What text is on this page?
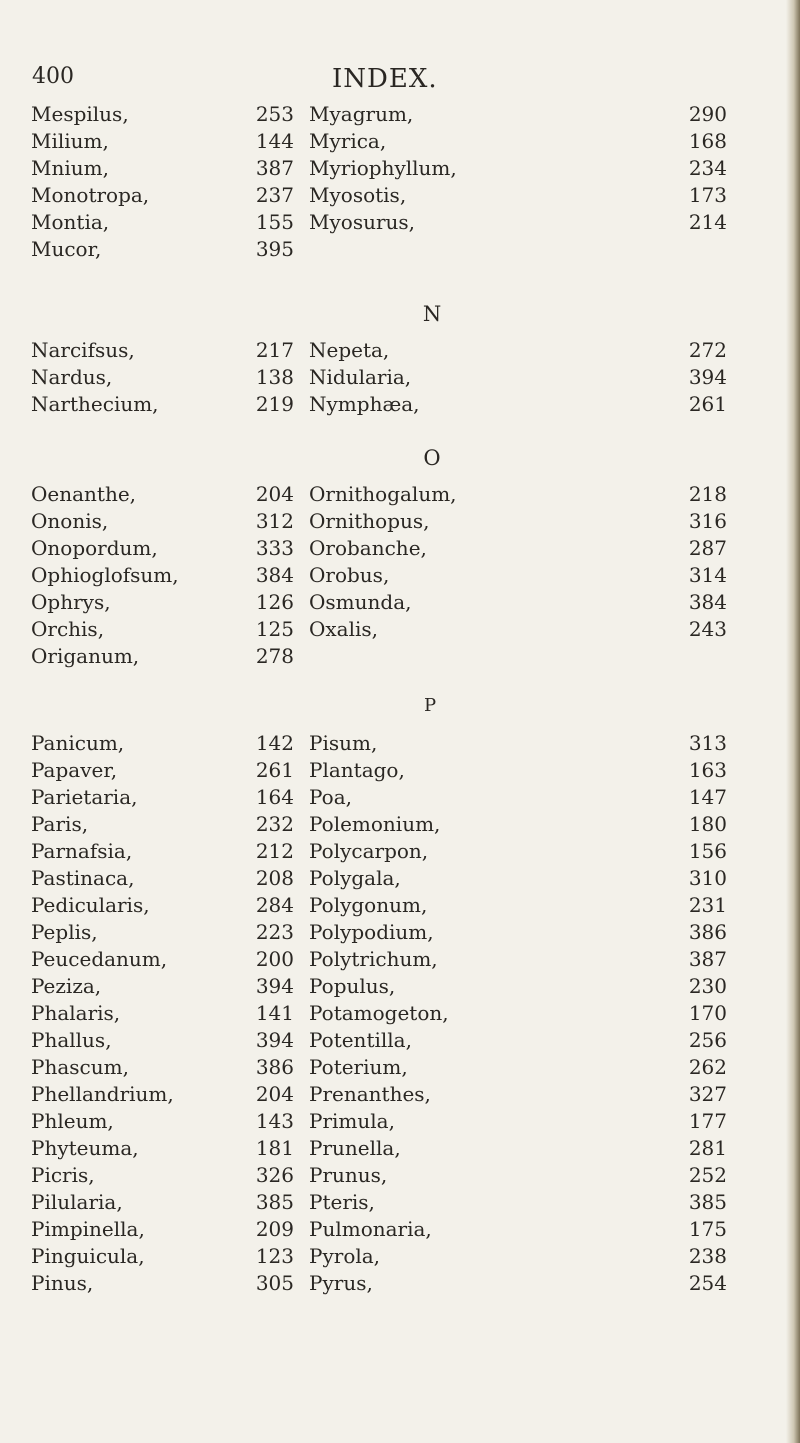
400	INDEX.
Mespilus,	253 Myagrum,	290
Milium,	144 Myrica,	168
Mnium,	387 Myriophyllum,	234
Monotropa,	237 Myosotis,	173
Montia,	155 Myosurus,	214
Mucor,	395
N
Narcifsus,	217 Nepeta,	272
Nardus,	138 Nidularia,	394
Narthecium,	219 Nymphæa,	261
O
Oenanthe,	204 Ornithogalum,	218
Ononis,	312 Ornithopus,	316
Onopordum,	333 Orobanche,	287
Ophioglofsum,	384 Orobus,	314
Ophrys,	126 Osmunda,	384
Orchis,	125 Oxalis,	243
Origanum,	278
P
Panicum,	142 Pisum,	313
Papaver,	261 Plantago,	163
Parietaria,	164 Poa,	147
Paris,	232 Polemonium,	180
Parnafsia,	212 Polycarpon,	156
Pastinaca,	208 Polygala,	310
Pedicularis,	284 Polygonum,	231
Peplis,	223 Polypodium,	386
Peucedanum,	200 Polytrichum,	387
Peziza,	394 Populus,	230
Phalaris,	141 Potamogeton,	170
Phallus,	394 Potentilla,	256
Phascum,	386 Poterium,	262
Phellandrium,	204 Prenanthes,	327
Phleum,	143 Primula,	177
Phyteuma,	181 Prunella,	281
Picris,	326 Prunus,	252
Pilularia,	385 Pteris,	385
Pimpinella,	209 Pulmonaria,	175
Pinguicula,	123 Pyrola,	238
Pinus,	305 Pyrus,	254
